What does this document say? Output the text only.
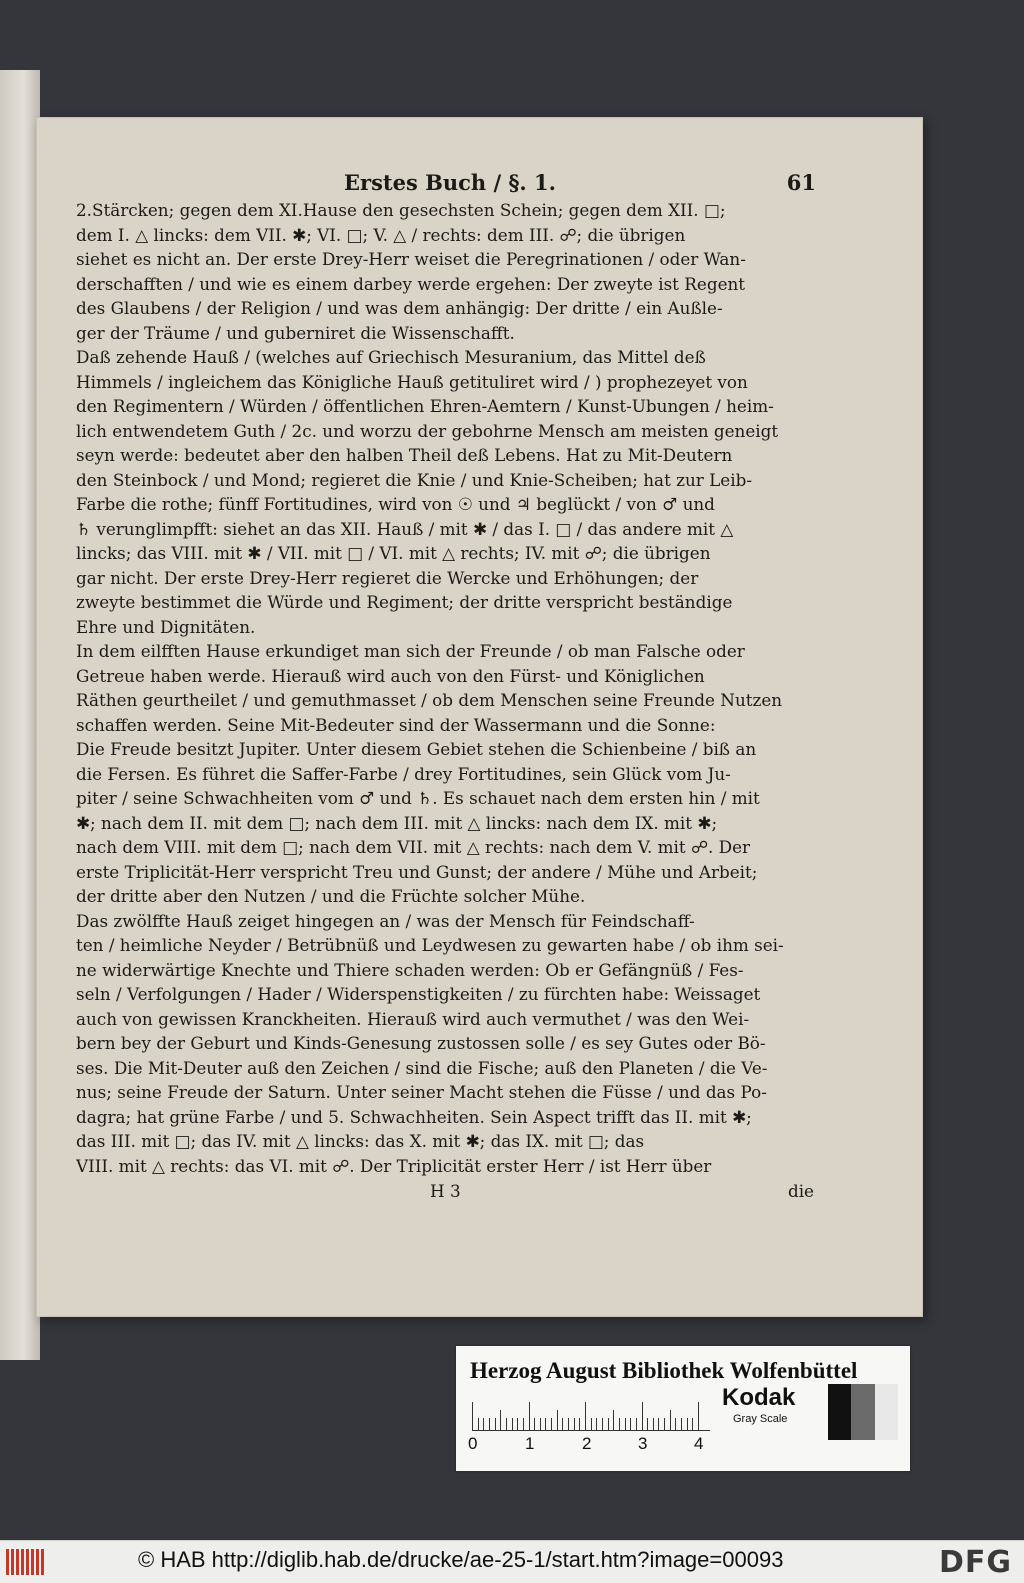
Erstes Buch / §. 1.	61
2.Stärcken; gegen dem XI.Hause den gesechsten Schein; gegen dem XII. □;
dem I. △ lincks: dem VII. ✱; VI. □; V. △ / rechts: dem III. ☍; die übrigen
siehet es nicht an. Der erste Drey-Herr weiset die Peregrinationen / oder Wan-
derschafften / und wie es einem darbey werde ergehen: Der zweyte ist Regent
des Glaubens / der Religion / und was dem anhängig: Der dritte / ein Außle-
ger der Träume / und guberniret die Wissenschafft.
Daß zehende Hauß / (welches auf Griechisch Mesuranium, das Mittel deß
Himmels / ingleichem das Königliche Hauß getituliret wird / ) prophezeyet von
den Regimentern / Würden / öffentlichen Ehren-Aemtern / Kunst-Ubungen / heim-
lich entwendetem Guth / 2c. und worzu der gebohrne Mensch am meisten geneigt
seyn werde: bedeutet aber den halben Theil deß Lebens. Hat zu Mit-Deutern
den Steinbock / und Mond; regieret die Knie / und Knie-Scheiben; hat zur Leib-
Farbe die rothe; fünff Fortitudines, wird von ☉ und ♃ beglückt / von ♂ und
♄ verunglimpfft: siehet an das XII. Hauß / mit ✱ / das I. □ / das andere mit △
lincks; das VIII. mit ✱ / VII. mit □ / VI. mit △ rechts; IV. mit ☍; die übrigen
gar nicht. Der erste Drey-Herr regieret die Wercke und Erhöhungen; der
zweyte bestimmet die Würde und Regiment; der dritte verspricht beständige
Ehre und Dignitäten.
In dem eilfften Hause erkundiget man sich der Freunde / ob man Falsche oder
Getreue haben werde. Hierauß wird auch von den Fürst- und Königlichen
Räthen geurtheilet / und gemuthmasset / ob dem Menschen seine Freunde Nutzen
schaffen werden. Seine Mit-Bedeuter sind der Wassermann und die Sonne:
Die Freude besitzt Jupiter. Unter diesem Gebiet stehen die Schienbeine / biß an
die Fersen. Es führet die Saffer-Farbe / drey Fortitudines, sein Glück vom Ju-
piter / seine Schwachheiten vom ♂ und ♄. Es schauet nach dem ersten hin / mit
✱; nach dem II. mit dem □; nach dem III. mit △ lincks: nach dem IX. mit ✱;
nach dem VIII. mit dem □; nach dem VII. mit △ rechts: nach dem V. mit ☍. Der
erste Triplicität-Herr verspricht Treu und Gunst; der andere / Mühe und Arbeit;
der dritte aber den Nutzen / und die Früchte solcher Mühe.
Das zwölffte Hauß zeiget hingegen an / was der Mensch für Feindschaff-
ten / heimliche Neyder / Betrübnüß und Leydwesen zu gewarten habe / ob ihm sei-
ne widerwärtige Knechte und Thiere schaden werden: Ob er Gefängnüß / Fes-
seln / Verfolgungen / Hader / Widerspenstigkeiten / zu fürchten habe: Weissaget
auch von gewissen Kranckheiten. Hierauß wird auch vermuthet / was den Wei-
bern bey der Geburt und Kinds-Genesung zustossen solle / es sey Gutes oder Bö-
ses. Die Mit-Deuter auß den Zeichen / sind die Fische; auß den Planeten / die Ve-
nus; seine Freude der Saturn. Unter seiner Macht stehen die Füsse / und das Po-
dagra; hat grüne Farbe / und 5. Schwachheiten. Sein Aspect trifft das II. mit ✱;
das III. mit □; das IV. mit △ lincks: das X. mit ✱; das IX. mit □; das
VIII. mit △ rechts: das VI. mit ☍. Der Triplicität erster Herr / ist Herr über
H 3	die
Herzog August Bibliothek Wolfenbüttel
0	1	2	3	4
Kodak
Gray Scale
© HAB http://diglib.hab.de/drucke/ae-25-1/start.htm?image=00093	DFG
